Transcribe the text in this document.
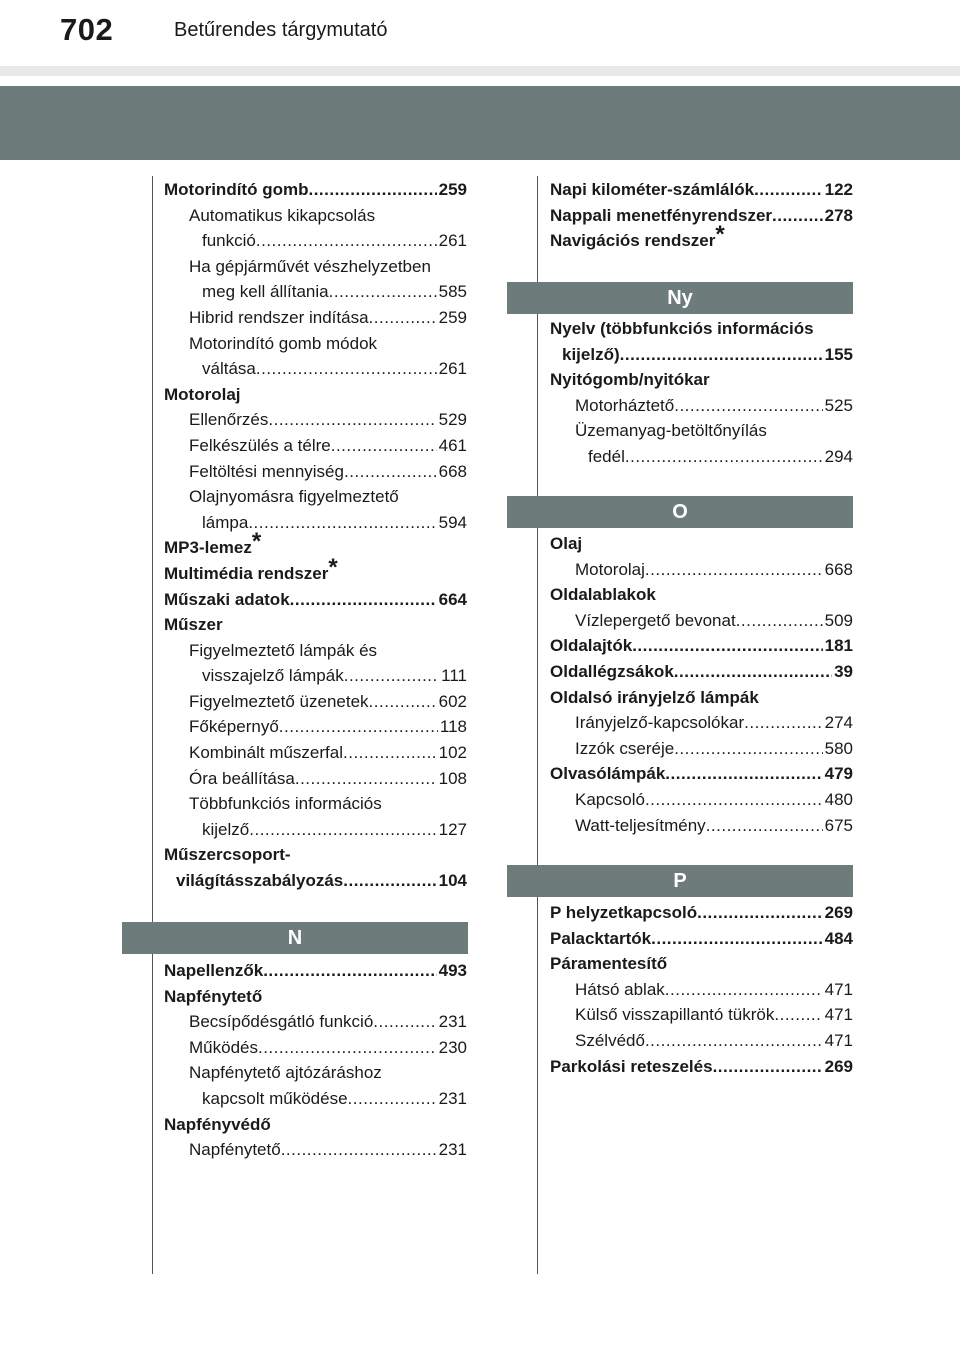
702	Betűrendes tárgymutató
Motorindító gomb .....	259
Automatikus kikapcsolás
funkció .....	261
Ha gépjárművét vészhelyzetben
meg kell állítania .....	585
Hibrid rendszer indítása .....	259
Motorindító gomb módok
váltása .....	261
Motorolaj
Ellenőrzés .....	529
Felkészülés a télre .....	461
Feltöltési mennyiség .....	668
Olajnyomásra figyelmeztető
lámpa .....	594
MP3-lemez*
Multimédia rendszer*
Műszaki adatok .....	664
Műszer
Figyelmeztető lámpák és
visszajelző lámpák .....	111
Figyelmeztető üzenetek .....	602
Főképernyő .....	118
Kombinált műszerfal .....	102
Óra beállítása .....	108
Többfunkciós információs
kijelző .....	127
Műszercsoport-
világításszabályozás .....	104
N
Napellenzők .....	493
Napfénytető
Becsípődésgátló funkció .....	231
Működés .....	230
Napfénytető ajtózáráshoz
kapcsolt működése .....	231
Napfényvédő
Napfénytető .....	231
Napi kilométer-számlálók .....	122
Nappali menetfényrendszer .....	278
Navigációs rendszer*
Ny
Nyelv (többfunkciós információs
kijelző) .....	155
Nyitógomb/nyitókar
Motorháztető .....	525
Üzemanyag-betöltőnyílás
fedél .....	294
O
Olaj
Motorolaj .....	668
Oldalablakok
Vízlepergető bevonat .....	509
Oldalajtók .....	181
Oldallégzsákok .....	39
Oldalsó irányjelző lámpák
Irányjelző-kapcsolókar .....	274
Izzók cseréje .....	580
Olvasólámpák .....	479
Kapcsoló .....	480
Watt-teljesítmény .....	675
P
P helyzetkapcsoló .....	269
Palacktartók .....	484
Páramentesítő
Hátsó ablak .....	471
Külső visszapillantó tükrök .....	471
Szélvédő .....	471
Parkolási reteszelés .....	269
